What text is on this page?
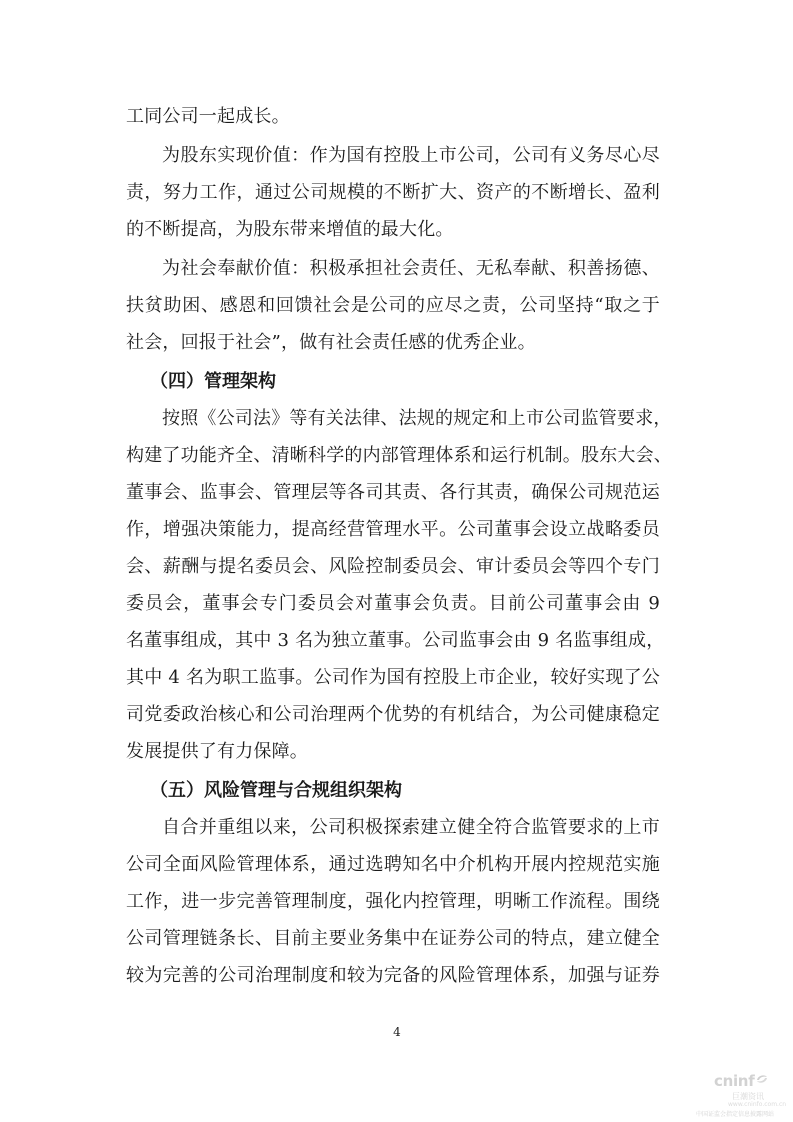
工同公司一起成长。
为股东实现价值：作为国有控股上市公司，公司有义务尽心尽
责，努力工作，通过公司规模的不断扩大、资产的不断增长、盈利
的不断提高，为股东带来增值的最大化。
为社会奉献价值：积极承担社会责任、无私奉献、积善扬德、
扶贫助困、感恩和回馈社会是公司的应尽之责，公司坚持“取之于
社会，回报于社会”，做有社会责任感的优秀企业。
（四）管理架构
按照《公司法》等有关法律、法规的规定和上市公司监管要求，
构建了功能齐全、清晰科学的内部管理体系和运行机制。股东大会、
董事会、监事会、管理层等各司其责、各行其责，确保公司规范运
作，增强决策能力，提高经营管理水平。公司董事会设立战略委员
会、薪酬与提名委员会、风险控制委员会、审计委员会等四个专门
委员会，董事会专门委员会对董事会负责。目前公司董事会由 9
名董事组成，其中 3 名为独立董事。公司监事会由 9 名监事组成，
其中 4 名为职工监事。公司作为国有控股上市企业，较好实现了公
司党委政治核心和公司治理两个优势的有机结合，为公司健康稳定
发展提供了有力保障。
（五）风险管理与合规组织架构
自合并重组以来，公司积极探索建立健全符合监管要求的上市
公司全面风险管理体系，通过选聘知名中介机构开展内控规范实施
工作，进一步完善管理制度，强化内控管理，明晰工作流程。围绕
公司管理链条长、目前主要业务集中在证券公司的特点，建立健全
较为完善的公司治理制度和较为完备的风险管理体系，加强与证券
4
cninf
巨潮资讯
www.cninfo.com.cn
中国证监会指定信息披露网站
